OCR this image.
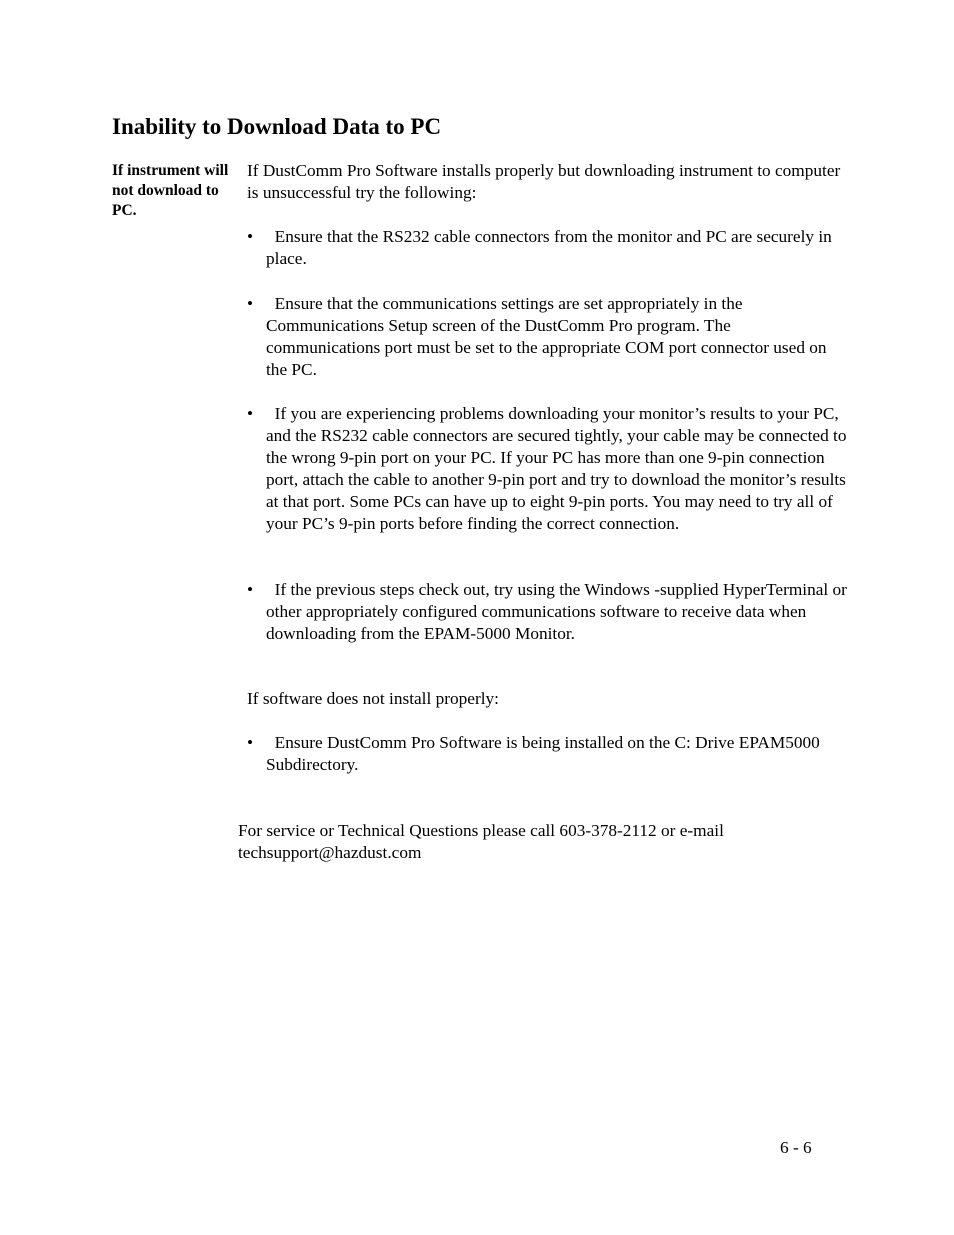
Inability to Download Data to PC
If instrument will not download to PC.

If DustComm Pro Software installs properly but downloading instrument to computer is unsuccessful try the following:

•	Ensure that the RS232 cable connectors from the monitor and PC are securely in place.
•	Ensure that the communications settings are set appropriately in the Communications Setup screen of the DustComm Pro program. The communications port must be set to the appropriate COM port connector used on the PC.
•	If you are experiencing problems downloading your monitor’s results to your PC, and the RS232 cable connectors are secured tightly, your cable may be connected to the wrong 9-pin port on your PC. If your PC has more than one 9-pin connection port, attach the cable to another 9-pin port and try to download the monitor’s results at that port. Some PCs can have up to eight 9-pin ports. You may need to try all of your PC’s 9-pin ports before finding the correct connection.
•	If the previous steps check out, try using the Windows -supplied HyperTerminal or other appropriately configured communications software to receive data when downloading from the EPAM-5000 Monitor.

If software does not install properly:

•	Ensure DustComm Pro Software is being installed on the C: Drive EPAM5000 Subdirectory.

For service or Technical Questions please call 603-378-2112 or e-mail techsupport@hazdust.com

6 - 6
